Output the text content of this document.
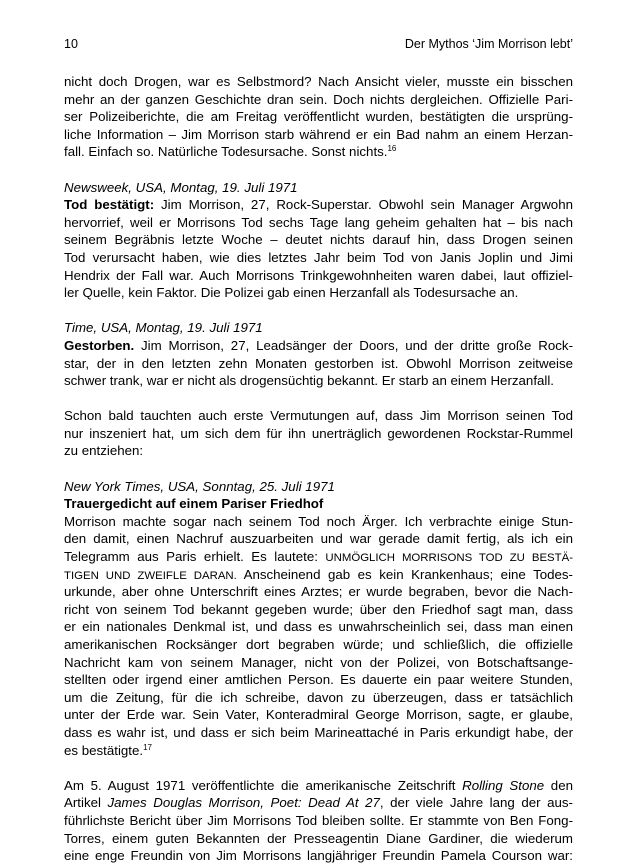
10	Der Mythos ‘Jim Morrison lebt’
nicht doch Drogen, war es Selbstmord? Nach Ansicht vieler, musste ein bisschen
mehr an der ganzen Geschichte dran sein. Doch nichts dergleichen. Offizielle Pari-
ser Polizeiberichte, die am Freitag veröffentlicht wurden, bestätigten die ursprüng-
liche Information – Jim Morrison starb während er ein Bad nahm an einem Herzan-
fall. Einfach so. Natürliche Todesursache. Sonst nichts.$^{16}$
Newsweek, USA, Montag, 19. Juli 1971
Tod bestätigt: Jim Morrison, 27, Rock-Superstar. Obwohl sein Manager Argwohn
hervorrief, weil er Morrisons Tod sechs Tage lang geheim gehalten hat – bis nach
seinem Begräbnis letzte Woche – deutet nichts darauf hin, dass Drogen seinen
Tod verursacht haben, wie dies letztes Jahr beim Tod von Janis Joplin und Jimi
Hendrix der Fall war. Auch Morrisons Trinkgewohnheiten waren dabei, laut offiziel-
ler Quelle, kein Faktor. Die Polizei gab einen Herzanfall als Todesursache an.
Time, USA, Montag, 19. Juli 1971
Gestorben. Jim Morrison, 27, Leadsänger der Doors, und der dritte große Rock-
star, der in den letzten zehn Monaten gestorben ist. Obwohl Morrison zeitweise
schwer trank, war er nicht als drogensüchtig bekannt. Er starb an einem Herzanfall.
Schon bald tauchten auch erste Vermutungen auf, dass Jim Morrison seinen Tod
nur inszeniert hat, um sich dem für ihn unerträglich gewordenen Rockstar-Rummel
zu entziehen:
New York Times, USA, Sonntag, 25. Juli 1971
Trauergedicht auf einem Pariser Friedhof
Morrison machte sogar nach seinem Tod noch Ärger. Ich verbrachte einige Stun-
den damit, einen Nachruf auszuarbeiten und war gerade damit fertig, als ich ein
Telegramm aus Paris erhielt. Es lautete: UNMÖGLICH MORRISONS TOD ZU BESTÄ-
TIGEN UND ZWEIFLE DARAN. Anscheinend gab es kein Krankenhaus; eine Todes-
urkunde, aber ohne Unterschrift eines Arztes; er wurde begraben, bevor die Nach-
richt von seinem Tod bekannt gegeben wurde; über den Friedhof sagt man, dass
er ein nationales Denkmal ist, und dass es unwahrscheinlich sei, dass man einen
amerikanischen Rocksänger dort begraben würde; und schließlich, die offizielle
Nachricht kam von seinem Manager, nicht von der Polizei, von Botschaftsange-
stellten oder irgend einer amtlichen Person. Es dauerte ein paar weitere Stunden,
um die Zeitung, für die ich schreibe, davon zu überzeugen, dass er tatsächlich
unter der Erde war. Sein Vater, Konteradmiral George Morrison, sagte, er glaube,
dass es wahr ist, und dass er sich beim Marineattaché in Paris erkundigt habe, der
es bestätigte.$^{17}$
Am 5. August 1971 veröffentlichte die amerikanische Zeitschrift Rolling Stone den
Artikel James Douglas Morrison, Poet: Dead At 27, der viele Jahre lang der aus-
führlichste Bericht über Jim Morrisons Tod bleiben sollte. Er stammte von Ben Fong-
Torres, einem guten Bekannten der Presseagentin Diane Gardiner, die wiederum
eine enge Freundin von Jim Morrisons langjähriger Freundin Pamela Courson war:
